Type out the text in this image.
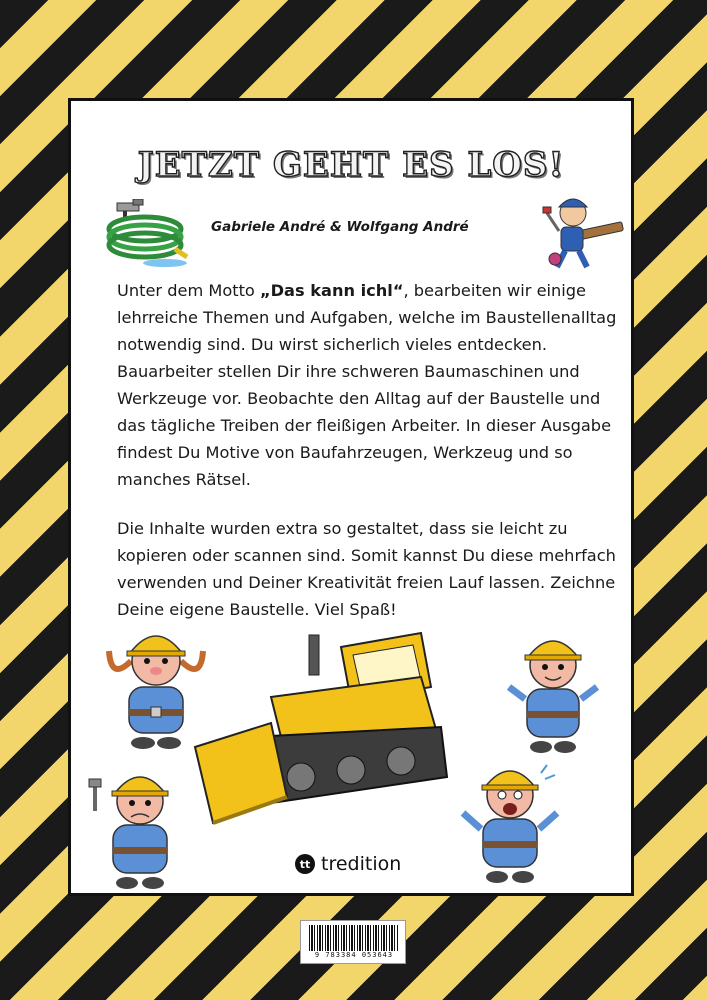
JETZT GEHT ES LOS!
Gabriele André & Wolfgang André

Unter dem Motto „Das kann ichl“, bearbeiten wir einige lehrreiche Themen und Aufgaben, welche im Baustellenalltag notwendig sind. Du wirst sicherlich vieles entdecken. Bauarbeiter stellen Dir ihre schweren Baumaschinen und Werkzeuge vor. Beobachte den Alltag auf der Baustelle und das tägliche Treiben der fleißigen Arbeiter. In dieser Ausgabe findest Du Motive von Baufahrzeugen, Werkzeug und so manches Rätsel.

Die Inhalte wurden extra so gestaltet, dass sie leicht zu kopieren oder scannen sind. Somit kannst Du diese mehrfach verwenden und Deiner Kreativität freien Lauf lassen. Zeichne Deine eigene Baustelle. Viel Spaß!

tt tredition
9 783384 053643
